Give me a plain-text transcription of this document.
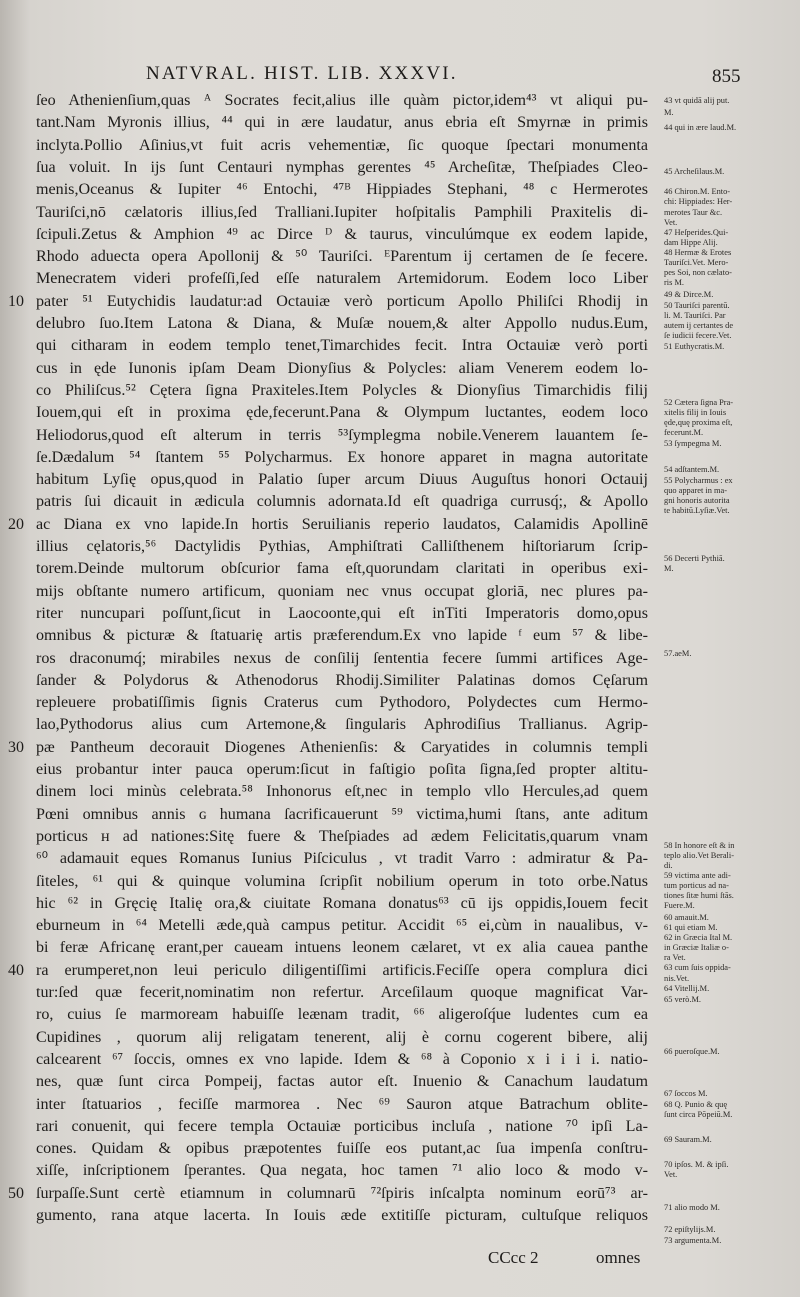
NATVRAL. HIST. LIB. XXXVI.	855
ſeo Athenienſium,quas ᴬ Socrates fecit,alius ille quàm pictor,idem⁴³ vt aliqui pu-
tant.Nam Myronis illius, ⁴⁴ qui in ære laudatur, anus ebria eſt Smyrnæ in primis
inclyta.Pollio Aſinius,vt fuit acris vehementiæ, ſic quoque ſpectari monumenta
ſua voluit. In ijs ſunt Centauri nymphas gerentes ⁴⁵ Archeſitæ, Theſpiades Cleo-
menis,Oceanus & Iupiter ⁴⁶ Entochi, ⁴⁷ᴮ Hippiades Stephani, ⁴⁸ c Hermerotes
Tauriſci,nō cælatoris illius,ſed Tralliani.Iupiter hoſpitalis Pamphili Praxitelis di-
ſcipuli.Zetus & Amphion ⁴⁹ ac Dirce ᴰ & taurus, vinculúmque ex eodem lapide,
Rhodo aduecta opera Apollonij & ⁵⁰ Tauriſci. ᴱParentum ij certamen de ſe fecere.
Menecratem videri profeſſi,ſed eſſe naturalem Artemidorum. Eodem loco Liber
pater ⁵¹ Eutychidis laudatur:ad Octauiæ verò porticum Apollo Philiſci Rhodij in
delubro ſuo.Item Latona & Diana, & Muſæ nouem,& alter Appollo nudus.Eum,
qui citharam in eodem templo tenet,Timarchides fecit. Intra Octauiæ verò porti
cus in ęde Iunonis ipſam Deam Dionyſius & Polycles: aliam Venerem eodem lo-
co Philiſcus.⁵² Cętera ſigna Praxiteles.Item Polycles & Dionyſius Timarchidis filij
Iouem,qui eſt in proxima ęde,fecerunt.Pana & Olympum luctantes, eodem loco
Heliodorus,quod eſt alterum in terris ⁵³ſymplegma nobile.Venerem lauantem ſe-
ſe.Dædalum ⁵⁴ ſtantem ⁵⁵ Polycharmus. Ex honore apparet in magna autoritate
habitum Lyſię opus,quod in Palatio ſuper arcum Diuus Auguſtus honori Octauij
patris ſui dicauit in ædicula columnis adornata.Id eſt quadriga currusq́;, & Apollo
ac Diana ex vno lapide.In hortis Seruilianis reperio laudatos, Calamidis Apollinē
illius cęlatoris,⁵⁶ Dactylidis Pythias, Amphiſtrati Calliſthenem hiſtoriarum ſcrip-
torem.Deinde multorum obſcurior fama eſt,quorundam claritati in operibus exi-
mijs obſtante numero artificum, quoniam nec vnus occupat gloriā, nec plures pa-
riter nuncupari poſſunt,ſicut in Laocoonte,qui eſt inTiti Imperatoris domo,opus
omnibus & picturæ & ſtatuarię artis præferendum.Ex vno lapide ᶠ eum ⁵⁷ & libe-
ros draconumq́; mirabiles nexus de conſilij ſententia fecere ſummi artifices Age-
ſander & Polydorus & Athenodorus Rhodij.Similiter Palatinas domos Cęſarum
repleuere probatiſſimis ſignis Craterus cum Pythodoro, Polydectes cum Hermo-
lao,Pythodorus alius cum Artemone,& ſingularis Aphrodiſius Trallianus. Agrip-
pæ Pantheum decorauit Diogenes Athenienſis: & Caryatides in columnis templi
eius probantur inter pauca operum:ſicut in faſtigio poſita ſigna,ſed propter altitu-
dinem loci minùs celebrata.⁵⁸ Inhonorus eſt,nec in templo vllo Hercules,ad quem
Pœni omnibus annis ɢ humana ſacrificauerunt ⁵⁹ victima,humi ſtans, ante aditum
porticus ʜ ad nationes:Sitę fuere & Theſpiades ad ædem Felicitatis,quarum vnam
⁶⁰ adamauit eques Romanus Iunius Piſciculus , vt tradit Varro : admiratur & Pa-
ſiteles, ⁶¹ qui & quinque volumina ſcripſit nobilium operum in toto orbe.Natus
hic ⁶² in Gręcię Italię ora,& ciuitate Romana donatus⁶³ cū ijs oppidis,Iouem fecit
eburneum in ⁶⁴ Metelli æde,quà campus petitur. Accidit ⁶⁵ ei,cùm in naualibus, v-
bi feræ Africanę erant,per caueam intuens leonem cælaret, vt ex alia cauea panthe
ra erumperet,non leui periculo diligentiſſimi artificis.Feciſſe opera complura dici
tur:ſed quæ fecerit,nominatim non refertur. Arceſilaum quoque magnificat Var-
ro, cuius ſe marmoream habuiſſe leænam tradit, ⁶⁶ aligeroſq́ue ludentes cum ea
Cupidines , quorum alij religatam tenerent, alij è cornu cogerent bibere, alij
calcearent ⁶⁷ ſoccis, omnes ex vno lapide. Idem & ⁶⁸ à Coponio x i i i i. natio-
nes, quæ ſunt circa Pompeij, factas autor eſt. Inuenio & Canachum laudatum
inter ſtatuarios , feciſſe marmorea . Nec ⁶⁹ Sauron atque Batrachum oblite-
rari conuenit, qui fecere templa Octauiæ porticibus incluſa , natione ⁷⁰ ipſi La-
cones. Quidam & opibus præpotentes fuiſſe eos putant,ac ſua impenſa conſtru-
xiſſe, inſcriptionem ſperantes. Qua negata, hoc tamen ⁷¹ alio loco & modo v-
ſurpaſſe.Sunt certè etiamnum in columnarū ⁷²ſpiris inſcalpta nominum eorū⁷³ ar-
gumento, rana atque lacerta. In Iouis æde extitiſſe picturam, cultuſque reliquos
10
20
30
40
50
43 vt quidā alij put.
M.
44 qui in ære laud.M.
45 Archeſilaus.M.
46 Chiron.M. Ento-
chi: Hippiades: Her-
merotes Taur &c.
Vet.
47 Heſperides.Qui-
dam Hippe Alij.
48 Hermæ & Erotes
Tauriſci.Vet. Mero-
pes Soi, non cælato-
ris M.
49 & Dirce.M.
50 Tauriſci parentū.
li. M. Tauriſci. Par
autem ij certantes de
ſe iudicii fecere.Vet.
51 Euthycratis.M.
52 Cætera ſigna Pra-
xitelis filij in Iouis
ęde,quę proxima eſt,
fecerunt.M.
53 ſympegma M.
54 adſtantem.M.
55 Polycharmus : ex
quo apparet in ma-
gni honoris autorita
te habitū.Lyſiæ.Vet.
56 Decerti Pythiā.
M.
57.aeM.
58 In honore eſt & in
teplo alio.Vet Berali-
di.
59 victima ante adi-
tum porticus ad na-
tiones ſitæ humi ſtās.
Fuere.M.
60 amauit.M.
61 qui etiam M.
62 in Græcia Ital M.
in Græciæ Italiæ o-
ra Vet.
63 cum ſuis oppida-
nis.Vet.
64 Vitellij.M.
65 verò.M.
66 pueroſque.M.
67 ſoccos M.
68 Q. Punio & quę
ſunt circa Pōpeiū.M.
69 Sauram.M.
70 ipſos. M. & ipſi.
Vet.
71 alio modo M.
72 epiſtylijs.M.
73 argumenta.M.
CCcc 2	omnes
